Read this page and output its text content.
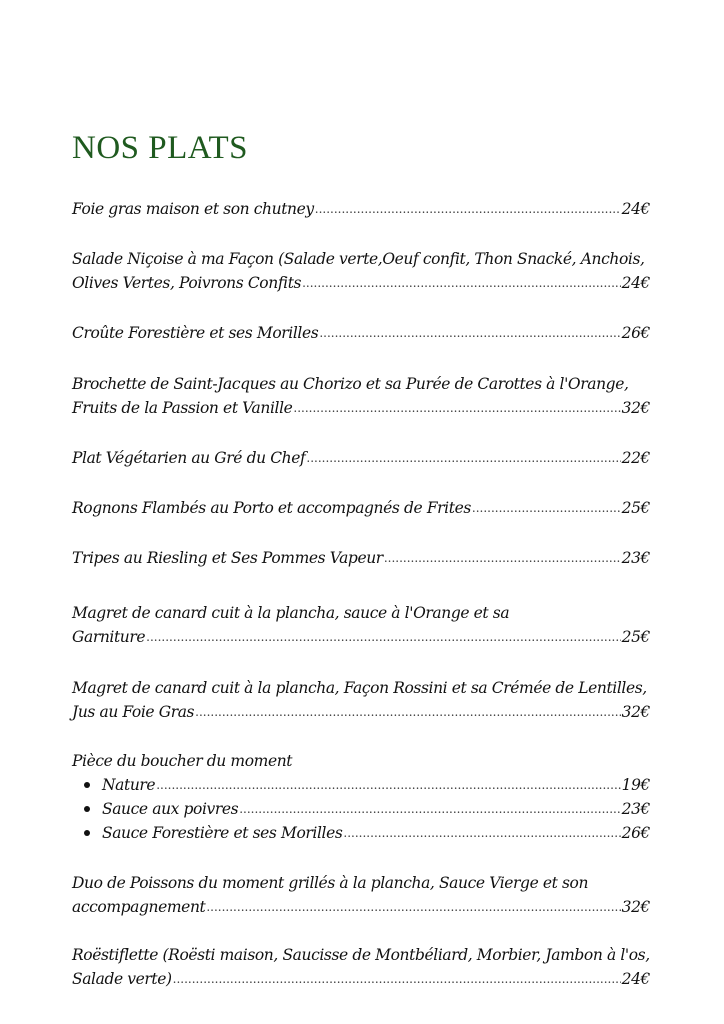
NOS PLATS
Foie gras maison et son chutney .....	24€
Salade Niçoise à ma Façon (Salade verte,Oeuf confit, Thon Snacké, Anchois,
Olives Vertes, Poivrons Confits .....	24€
Croûte Forestière et ses Morilles .....	26€
Brochette de Saint-Jacques au Chorizo et sa Purée de Carottes à l'Orange,
Fruits de la Passion et Vanille .....	32€
Plat Végétarien au Gré du Chef .....	22€
Rognons Flambés au Porto et accompagnés de Frites .....	25€
Tripes au Riesling et Ses Pommes Vapeur .....	23€
Magret de canard cuit à la plancha, sauce à l'Orange et sa
Garniture .....	25€
Magret de canard cuit à la plancha, Façon Rossini et sa Crémée de Lentilles,
Jus au Foie Gras .....	32€
Pièce du boucher du moment
Nature .....	19€
Sauce aux poivres .....	23€
Sauce Forestière et ses Morilles .....	26€
Duo de Poissons du moment grillés à la plancha, Sauce Vierge et son
accompagnement .....	32€
Roëstiflette (Roësti maison, Saucisse de Montbéliard, Morbier, Jambon à l'os,
Salade verte) .....	24€
